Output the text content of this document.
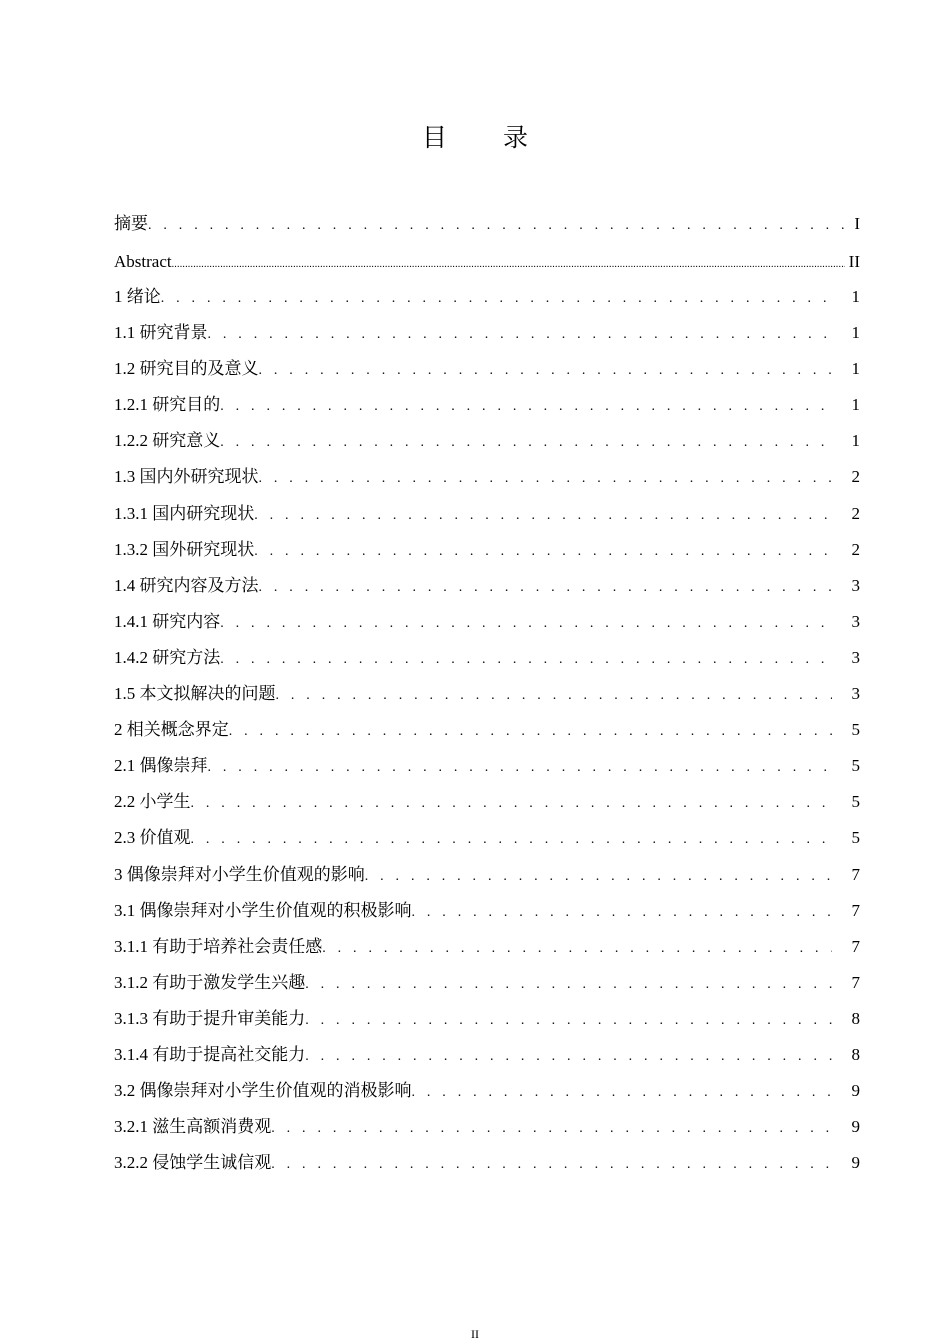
目 录
摘要 . . .	I
Abstract .....	II
1 绪论 . . .	1
1.1 研究背景 . . .	1
1.2 研究目的及意义 . . .	1
1.2.1 研究目的 . . .	1
1.2.2 研究意义 . . .	1
1.3 国内外研究现状 . . .	2
1.3.1 国内研究现状 . . .	2
1.3.2 国外研究现状 . . .	2
1.4 研究内容及方法 . . .	3
1.4.1 研究内容 . . .	3
1.4.2 研究方法 . . .	3
1.5 本文拟解决的问题 . . .	3
2 相关概念界定 . . .	5
2.1 偶像崇拜 . . .	5
2.2 小学生 . . .	5
2.3 价值观 . . .	5
3 偶像崇拜对小学生价值观的影响 . . .	7
3.1 偶像崇拜对小学生价值观的积极影响 . . .	7
3.1.1 有助于培养社会责任感 . . .	7
3.1.2 有助于激发学生兴趣 . . .	7
3.1.3 有助于提升审美能力 . . .	8
3.1.4 有助于提高社交能力 . . .	8
3.2 偶像崇拜对小学生价值观的消极影响 . . .	9
3.2.1 滋生高额消费观 . . .	9
3.2.2 侵蚀学生诚信观 . . .	9
II
